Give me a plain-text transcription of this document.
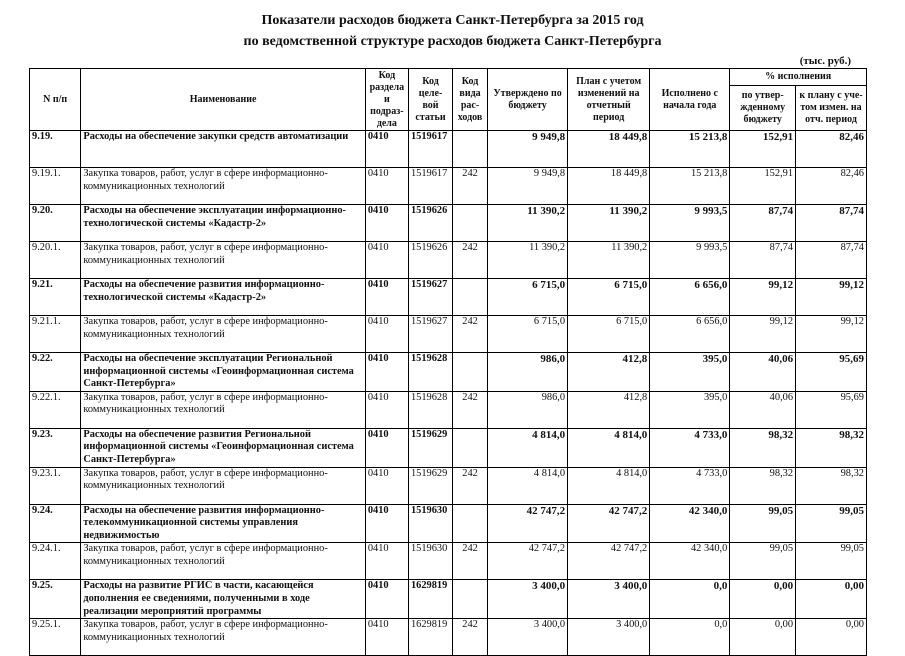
Показатели расходов бюджета Санкт-Петербурга за 2015 год
по ведомственной структуре расходов бюджета Санкт-Петербурга
(тыс. руб.)
N п/п	Наименование	Код раздела и подраз-дела	Код целе-вой статьи	Код вида рас-ходов	Утверждено по бюджету	План с учетом изменений на отчетный период	Исполнено с начала года	% исполнения	
								по утвер-жденному бюджету	к плану с уче-том измен. на отч. период
9.19.	Расходы на обеспечение закупки средств автоматизации	0410	1519617		9 949,8	18 449,8	15 213,8	152,91	82,46
9.19.1.	Закупка товаров, работ, услуг в сфере информационно-коммуникационных технологий	0410	1519617	242	9 949,8	18 449,8	15 213,8	152,91	82,46
9.20.	Расходы на обеспечение эксплуатации информационно-технологической системы «Кадастр-2»	0410	1519626		11 390,2	11 390,2	9 993,5	87,74	87,74
9.20.1.	Закупка товаров, работ, услуг в сфере информационно-коммуникационных технологий	0410	1519626	242	11 390,2	11 390,2	9 993,5	87,74	87,74
9.21.	Расходы на обеспечение развития информационно-технологической системы «Кадастр-2»	0410	1519627		6 715,0	6 715,0	6 656,0	99,12	99,12
9.21.1.	Закупка товаров, работ, услуг в сфере информационно-коммуникационных технологий	0410	1519627	242	6 715,0	6 715,0	6 656,0	99,12	99,12
9.22.	Расходы на обеспечение эксплуатации Региональной информационной системы «Геоинформационная система Санкт-Петербурга»	0410	1519628		986,0	412,8	395,0	40,06	95,69
9.22.1.	Закупка товаров, работ, услуг в сфере информационно-коммуникационных технологий	0410	1519628	242	986,0	412,8	395,0	40,06	95,69
9.23.	Расходы на обеспечение развития Региональной информационной системы «Геоинформационная система Санкт-Петербурга»	0410	1519629		4 814,0	4 814,0	4 733,0	98,32	98,32
9.23.1.	Закупка товаров, работ, услуг в сфере информационно-коммуникационных технологий	0410	1519629	242	4 814,0	4 814,0	4 733,0	98,32	98,32
9.24.	Расходы на обеспечение развития информационно-телекоммуникационной системы управления недвижимостью	0410	1519630		42 747,2	42 747,2	42 340,0	99,05	99,05
9.24.1.	Закупка товаров, работ, услуг в сфере информационно-коммуникационных технологий	0410	1519630	242	42 747,2	42 747,2	42 340,0	99,05	99,05
9.25.	Расходы на развитие РГИС в части, касающейся дополнения ее сведениями, полученными в ходе реализации мероприятий программы	0410	1629819		3 400,0	3 400,0	0,0	0,00	0,00
9.25.1.	Закупка товаров, работ, услуг в сфере информационно-коммуникационных технологий	0410	1629819	242	3 400,0	3 400,0	0,0	0,00	0,00
